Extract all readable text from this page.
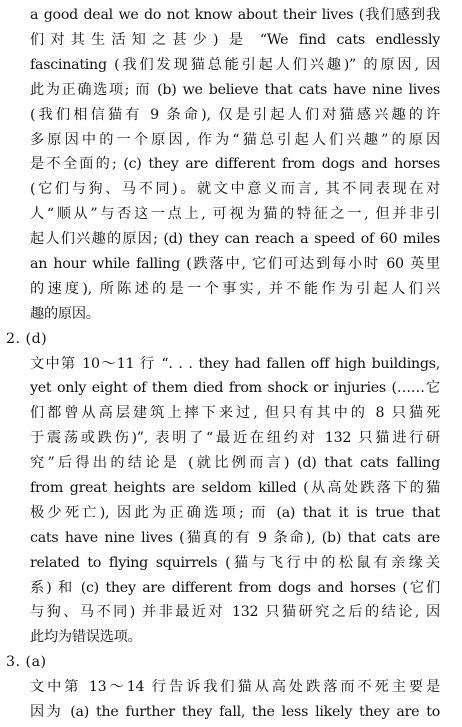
a good deal we do not know about their lives (我们感到我
们对其生活知之甚少) 是 “We find cats endlessly
fascinating (我们发现猫总能引起人们兴趣)” 的原因, 因
此为正确选项; 而 (b) we believe that cats have nine lives
(我们相信猫有 9 条命), 仅是引起人们对猫感兴趣的许
多原因中的一个原因, 作为“猫总引起人们兴趣”的原因
是不全面的; (c) they are different from dogs and horses
(它们与狗、马不同)。就文中意义而言, 其不同表现在对
人“顺从”与否这一点上, 可视为猫的特征之一, 但并非引
起人们兴趣的原因; (d) they can reach a speed of 60 miles
an hour while falling (跌落中, 它们可达到每小时 60 英里
的速度), 所陈述的是一个事实, 并不能作为引起人们兴
趣的原因。
2. (d)
文中第 10～11 行 “. . . they had fallen off high buildings,
yet only eight of them died from shock or injuries (……它
们都曾从高层建筑上摔下来过, 但只有其中的 8 只猫死
于震荡或跌伤)”, 表明了“最近在纽约对 132 只猫进行研
究”后得出的结论是 (就比例而言) (d) that cats falling
from great heights are seldom killed (从高处跌落下的猫
极少死亡), 因此为正确选项; 而 (a) that it is true that
cats have nine lives (猫真的有 9 条命), (b) that cats are
related to flying squirrels (猫与飞行中的松鼠有亲缘关
系) 和 (c) they are different from dogs and horses (它们
与狗、马不同) 并非最近对 132 只猫研究之后的结论, 因
此均为错误选项。
3. (a)
文中第 13～14 行告诉我们猫从高处跌落而不死主要是
因为 (a) the further they fall, the less likely they are to
